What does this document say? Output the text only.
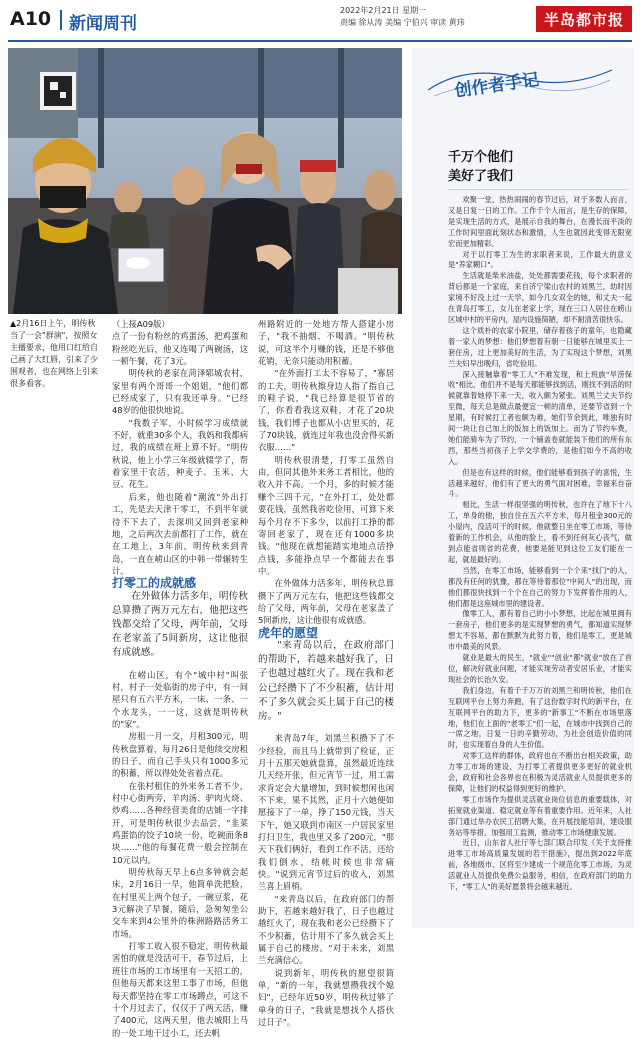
A10 新闻周刊
2022年2月21日 星期一
责编 徐从涛 美编 宁伯兴 审读 黄玮	半岛都市报
▲2月16日上午，明传秋当了一会"群演"，按照女主播要求，他用口红给自己画了大红唇，引来了少围观者，也在网络上引来很多看客。

（上接A09版）

点了一份有粉丝的鸡蛋汤，把鸡蛋和粉丝吃光后，他又连喝了两碗汤，这一顿午餐，花了3元。

明传秋的老家在菏泽郓城农村，家里有两个哥哥一个姐姐，"他们都已经成家了，只有我还单身。"已经48岁的他很快地说。

"我数子军，小时候学习成绩就不好，就重30多个人，我妈和我都病过，我的成绩在班上算不好。"明传秋说，他上小学三年级就辍学了，帮着家里干农活，种麦子、玉米、大豆、花生。

后来，他也随着"潮流"外出打工，先是去天津干零工，不到半年就待不下去了，去深圳又回到老家种地，之后两次去前都打了工作，就在在工地上，3年前，明传秋来到青岛，一直在崂山区的中韩一带辗转生计。

打零工的成就感

在外做体力活多年，明传秋总算攒了两万元左右，他把这些钱都交给了父母，两年前，父母在老家盖了5间新房，这让他很有成就感。

在崂山区，有个"城中村"叫张村，村子一处临街的房子中，有一间屋只有五六平方米，一床、一条、一个水龙头，一一这，这就是明传秋的"家"。

房租一月一交，月租300元，明传秋盘算着，每月26日是他续交房租的日子，而自己手头只有1000多元的积蓄，所以得处处省着点花。

在张村租住的外来务工者不少，村中心街两旁，羊肉汤、驴肉火烧、炒鸡……各种经营美食的店铺一字排开，可是明传秋很少去品尝，"韭菜鸡蛋馅的饺子10块一份，吃碗面条8块……"他的每餐花费一般会控制在10元以内。

明传秋每天早上6点多钟就会起床，2月16日一早，他简单洗把脸，在村里买上两个包子，一碗豆浆，花3元解决了早餐，随后，急匆匆坐公交车来到4公里外的株洲路路活务工市场。

打零工收入很不稳定，明传秋最害怕的就是没活可干，春节过后，上班往市场的工市场里有一天招工的，但他每天都来这里工事了市场，但他每天都坚持在零工市场蹲点，可这不十个月过去了，仅仅干了两天活，赚了400元，这两天里，他去城阳上马的一处工地干过小工，还去帆

州路附近的一处地方帮人搭建小房子，"我不抽烟、不喝酒。"明传秋说，可这半个月赚的钱，还是不够他花销，无奈只能动用积蓄。

"在外面打工太不容易了，"寡居的工夫，明传秋擦身边人指了指自己的鞋子说，"我已经算是很节省的了，你看看我这双鞋，才花了20块钱，我们博子也都从小店里买的，花了70块钱，就连过年我也没舍得买新衣服……"

明传秋很清楚，打零工虽然自由，但同其他外来务工者相比，他的收入并不高。一个月，多的时候才能赚个三四千元，"在外打工，处处都要花钱，虽然我省吃俭用，可算下来每个月存不下多少，以前打工挣的都寄回老家了，现在还有1000多块钱。"他现在就想能踏实地地点活挣点钱，多能挣点早一个都能去在事中。

在外做体力活多年，明传秋总算攒下了两万元左右，他把这些钱都交给了父母，两年前，父母在老家盖了5间新房，这让他很有成就感。

虎年的愿望

"来青岛以后，在政府部门的帮助下，若越来越好我了，日子也越过越红火了。现在我和老公已经攒下了不少积蓄，估计用不了多久就会买上属于自己的楼房。"

来青岛7年，刘黑兰积攒下了不少经验，而且马上就带到了检证，正月十五那天她就盘算，虽然最近连续几天经开张，但元宵节一过，用工需求肯定会大量增加，到时候想闲也闲不下来，果不其然，正月十六她便如愿接下了一单，挣了150元钱，当天下午，她又联到市南区一户居民家里打扫卫生，我也里又多了200元，"那天下我们俩好，看到工作不活，还给我们倒水，结帐时候也非常痛快。"说到元宵节过后的收入，刘黑兰喜上眉梢。

"来青岛以后，在政府部门的帮助下，若越来越好我了，日子也越过越红火了，现在我和老公已经攒下了不少积蓄，估计用不了多久就会买上属于自己的楼房。"对于未来，刘黑兰充满信心。

说到新年，明传秋的愿望很简单，"新的一年，我就想攒我找个媳妇"，已经年近50岁，明传秋过够了单身的日子，"我就是想找个人搭伙过日子"。

创作者手记
千万个他们
美好了我们

欢聚一堂，热热闹闹的春节过后，对于多数人而言，又是日复一日的工作。工作千个人而言，是生存的保障，是实现生活的方式，是展示自我的舞台，在漫长而平淡的工作时间里面此刻状态和激情，人生也就因此变得无限宽宏而更加精彩。

对于以打零工为生的求职者来说，工作最大的意义是"养家糊口"。

生活就是柴米油盐，处处都需要花钱，每个求职者的背后都是一个家庭，来自济宁梁山农村的刘黑兰，幼时因家境不好没上过一天学，如今几女双全的她，和丈夫一起在青岛打零工，女儿在老家上学，现在三口人居住在崂山区城中村的平房内，屋内设施简陋，却不耐清苦很快乐。

这个质朴的农家小院里，储存着孩子的童年，也隐藏着一家人的梦想：他们梦想着有朝一日能够在城里买上一套住房，过上更加美好的生活，为了实现这个梦想，刘黑兰夫妇早出晚归，省吃俭用。

深入接触靠着"零工人"不难发现，和上班族"旱涝保收"相比，他们并不是每天都能够找到活，刚找不到活的时候就靠着她停下来一天，收入颇为紧张。刘黑兰丈夫节约至微，每天总是做点最便宜一顿的清单，还要节省到一个星期，有时候打工者也颇为难，她们节余到此，唯独有时间一块让自己加上的饭加上的饭加上。而为了节约车费，她们能骑车为了节约，一个铺盖卷就能装下他们的所有东西，那些当初孩子上学交学费的，是他们如今不高的收入。

但是也有这样的时候，他们能够看到孩子的喜悦，生活越来越好，他们有了更大的勇气面对困难，幸福来自奋斗。

相比，生活一样很坚强的明传秋，也许在了地下十八工，单身的他，独自住在五六平方米，每月租金300元的小屋内，没活可干的时候，他就整日坐在零工市场，等待着新的工作机会，从他的脸上，看不到任何灰心丧气，做到点能省则省的花费，他要是能见到这位工友们能在一起，就是最好的。

当然，在零工市场，能够看到一个个来"找门"的人，都没有任何的犹豫，都在等待着那位"中间人"的出现，而他们都很快找到一个个在自己的努力下发挥着作用的人，他们都是这座城市里的建设者。

像零工人，都有着自己的小小梦想，比起在城里拥有一套房子，他们更多的是实现梦想的勇气，都知道实现梦想太不容易，都在默默为此努力着，他们是零工，更是城市中最美的风景。

就业是最大的民生，"就业""创业"都"就业"放在了首位，解决好就业问题，才能实现劳动者安居乐业，才能实现社会的长治久安。

我们身边，有着千千万万的刘黑兰和明传秋，他们在互联网平台上努力奔跑，有了这份数字时代的新平台，在互联网平台的助力下，更多的"新事工"不断在市场里落地，他们在上面的"老零工"们一起，在城市中找到自己的一席之地，日复一日的辛勤劳动，为社会创造价值的同时，也实现着自身的人生价值。

对零工这样的群体，政府也在不断出台相关政策，助力零工市场的建设，为打零工者提供更多更好的就业机会，政府和社会各界也在积极为灵活就业人员提供更多的保障，让他们的权益得到更好的维护。

零工市场作为提供灵活就业岗位信息的重要载体，对拓宽就业渠道、稳定就业等有着重要作用。近年来，人社部门通过举办农民工招聘大集，在开展技能培训，建设服务站等举措，加强用工监测，推动零工市场健康发展。

近日，山东省人社厅等七部门联合印发《关于支持推进零工市场高质量发展的若干措施》，提出到2022年底前，各地级市、区将至少建成一个规范化零工市场，为灵活就业人员提供免费公益服务，相信，在政府部门的助力下，"零工人"的美好愿景将会越来越近。
